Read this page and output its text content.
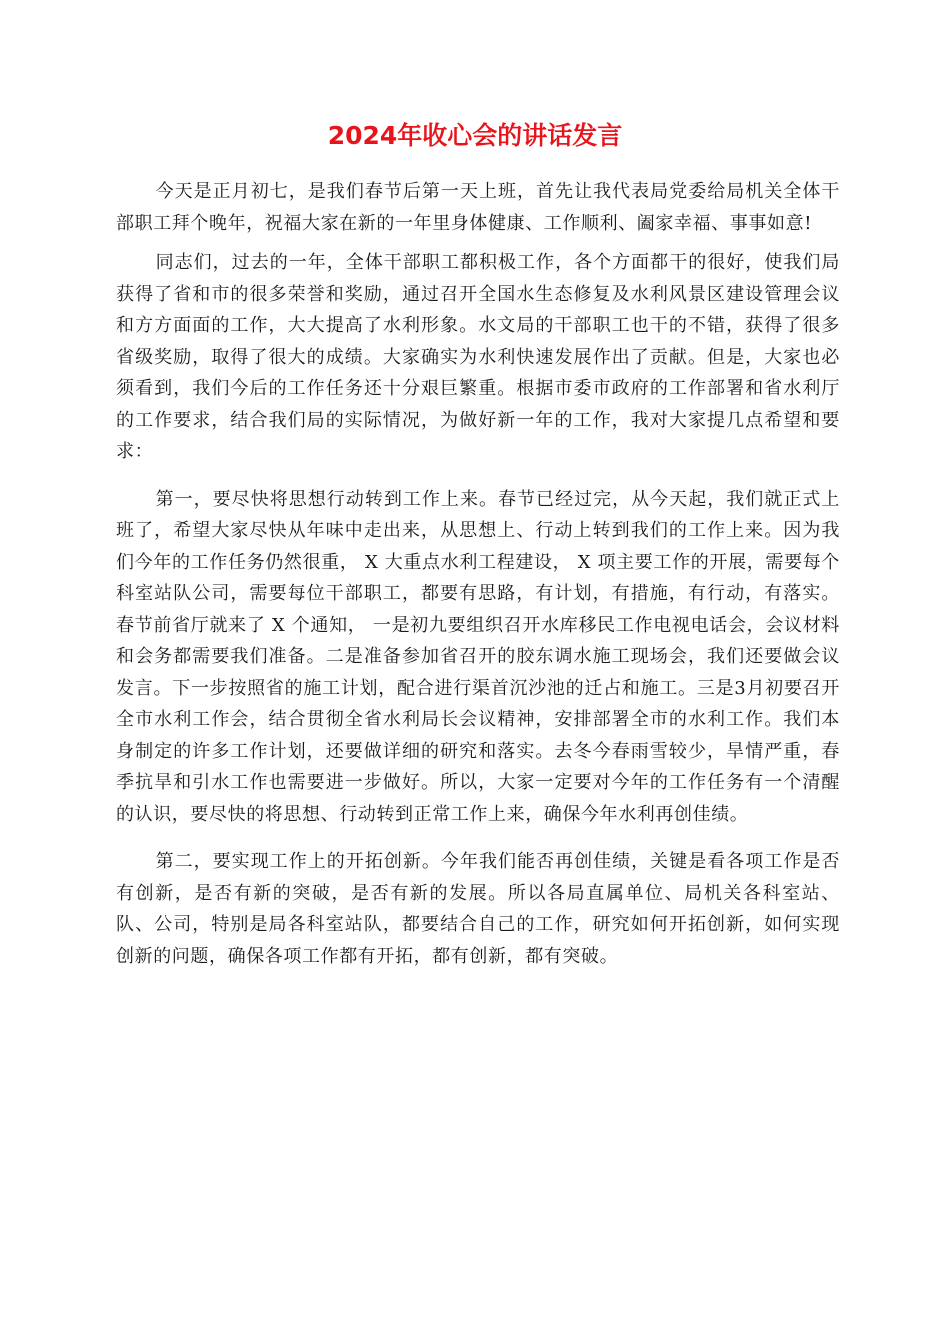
2024年收心会的讲话发言

今天是正月初七，是我们春节后第一天上班，首先让我代表局党委给局机关全体干部职工拜个晚年，祝福大家在新的一年里身体健康、工作顺利、阖家幸福、事事如意!

同志们，过去的一年，全体干部职工都积极工作，各个方面都干的很好，使我们局获得了省和市的很多荣誉和奖励，通过召开全国水生态修复及水利风景区建设管理会议和方方面面的工作，大大提高了水利形象。水文局的干部职工也干的不错，获得了很多省级奖励，取得了很大的成绩。大家确实为水利快速发展作出了贡献。但是，大家也必须看到，我们今后的工作任务还十分艰巨繁重。根据市委市政府的工作部署和省水利厅的工作要求，结合我们局的实际情况，为做好新一年的工作，我对大家提几点希望和要求：

第一，要尽快将思想行动转到工作上来。春节已经过完，从今天起，我们就正式上班了，希望大家尽快从年味中走出来，从思想上、行动上转到我们的工作上来。因为我们今年的工作任务仍然很重， X 大重点水利工程建设， X 项主要工作的开展，需要每个科室站队公司，需要每位干部职工，都要有思路，有计划，有措施，有行动，有落实。春节前省厅就来了 X 个通知， 一是初九要组织召开水库移民工作电视电话会，会议材料和会务都需要我们准备。二是准备参加省召开的胶东调水施工现场会，我们还要做会议发言。下一步按照省的施工计划，配合进行渠首沉沙池的迁占和施工。三是3月初要召开全市水利工作会，结合贯彻全省水利局长会议精神，安排部署全市的水利工作。我们本身制定的许多工作计划，还要做详细的研究和落实。去冬今春雨雪较少，旱情严重，春季抗旱和引水工作也需要进一步做好。所以，大家一定要对今年的工作任务有一个清醒的认识，要尽快的将思想、行动转到正常工作上来，确保今年水利再创佳绩。

第二，要实现工作上的开拓创新。今年我们能否再创佳绩，关键是看各项工作是否有创新，是否有新的突破，是否有新的发展。所以各局直属单位、局机关各科室站、队、公司，特别是局各科室站队，都要结合自己的工作，研究如何开拓创新，如何实现创新的问题，确保各项工作都有开拓，都有创新，都有突破。
